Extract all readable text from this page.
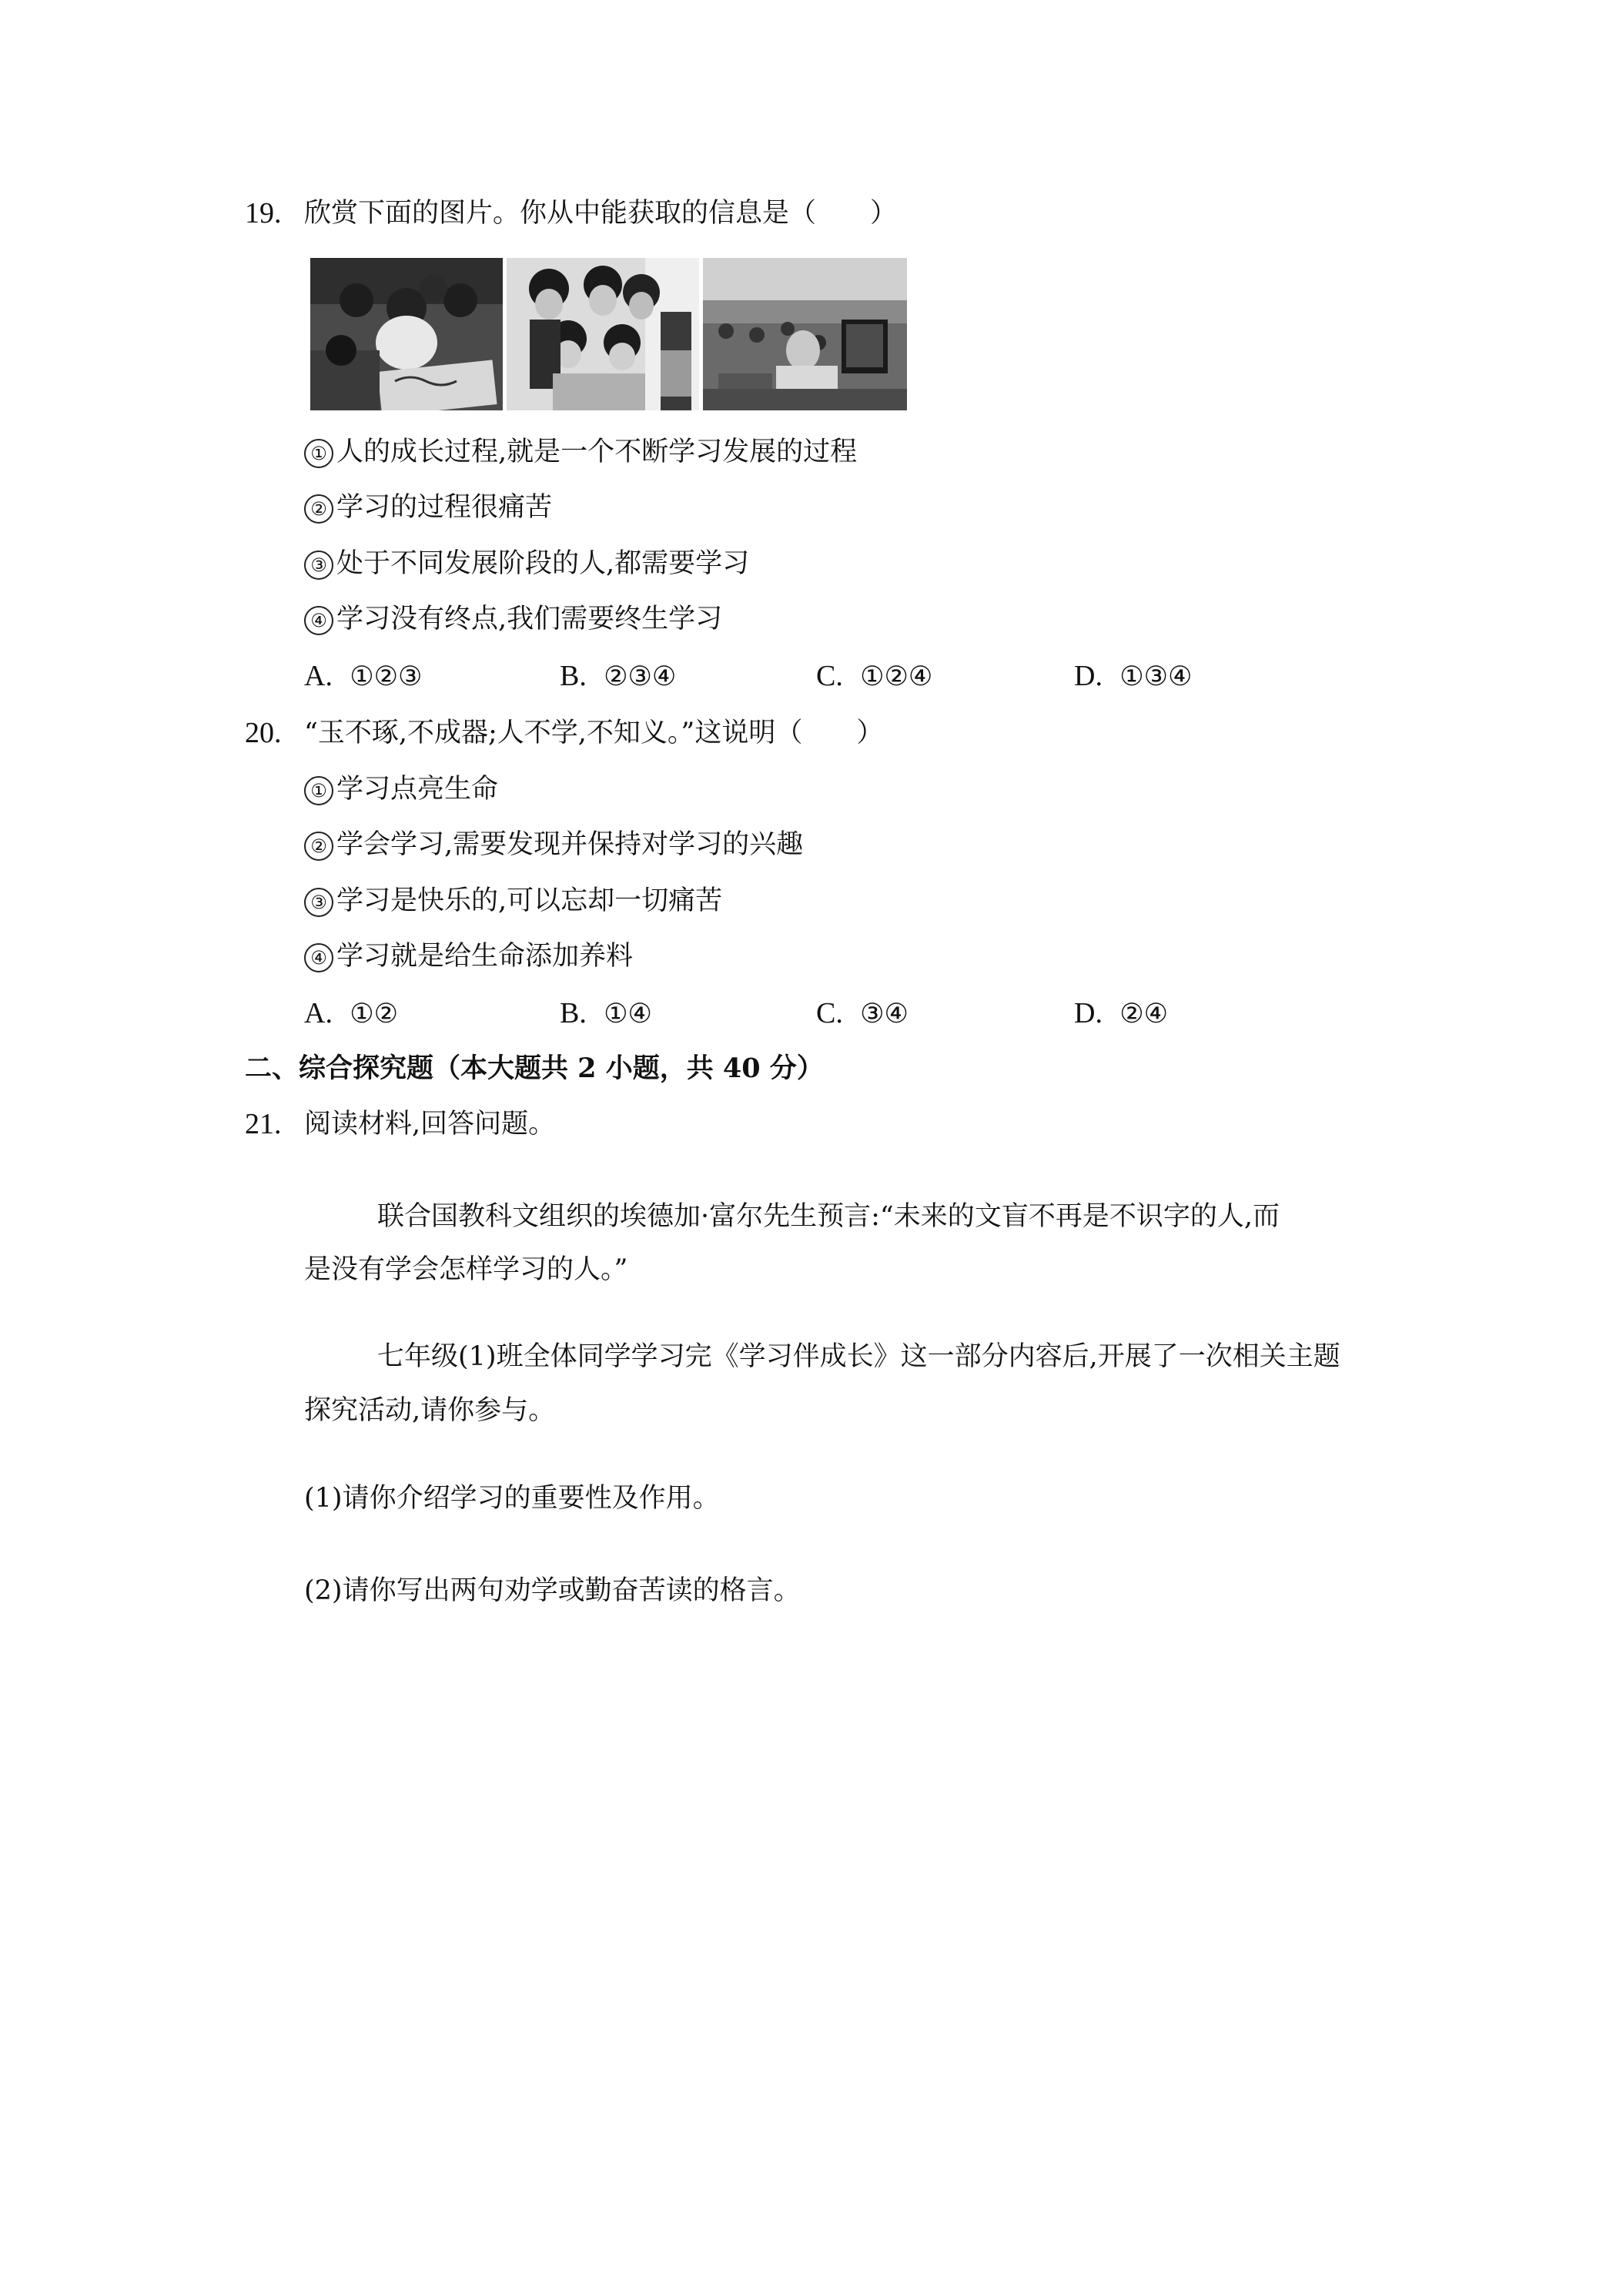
19. 欣赏下面的图片。你从中能获取的信息是（　　）
① 人的成长过程,就是一个不断学习发展的过程
② 学习的过程很痛苦
③ 处于不同发展阶段的人,都需要学习
④ 学习没有终点,我们需要终生学习
A. ①②③	B. ②③④	C. ①②④	D. ①③④
20. “玉不琢,不成器;人不学,不知义。”这说明（　　）
① 学习点亮生命
② 学会学习,需要发现并保持对学习的兴趣
③ 学习是快乐的,可以忘却一切痛苦
④ 学习就是给生命添加养料
A. ①②	B. ①④	C. ③④	D. ②④
二、综合探究题（本大题共 2 小题，共 40 分）
21. 阅读材料,回答问题。
联合国教科文组织的埃德加·富尔先生预言:“未来的文盲不再是不识字的人,而
是没有学会怎样学习的人。”
七年级(1)班全体同学学习完《学习伴成长》这一部分内容后,开展了一次相关主题
探究活动,请你参与。
(1)请你介绍学习的重要性及作用。
(2)请你写出两句劝学或勤奋苦读的格言。
